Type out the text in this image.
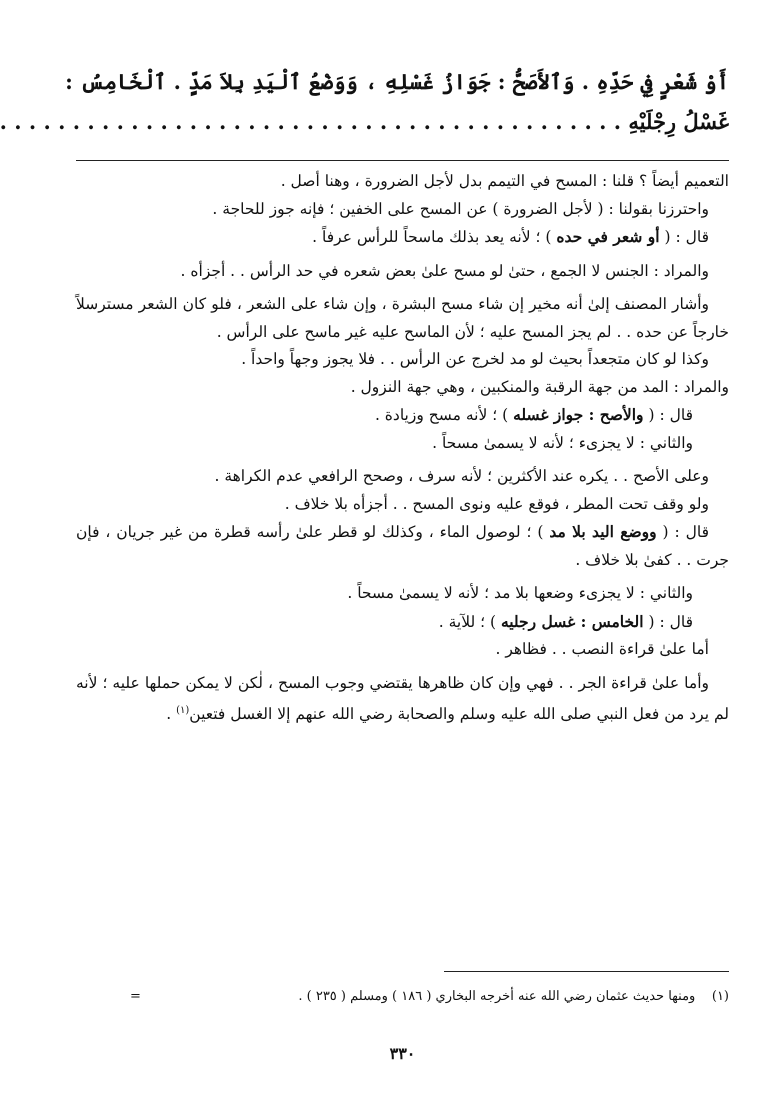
أَوْ شَعْرٍ فِي حَدِّهِ . وَٱلأَصَحُّ : جَوَازُ غَسْلِهِ ، وَوَضْعُ ٱلْيَدِ بِلاَ مَدٍّ . ٱلْخَامِسُ :
غَسْلُ رِجْلَيْهِ . . . . . . . . . . . . . . . . . . . . . . . . . . . . . . . . . . . . . . . . . . .

التعميم أيضاً ؟ قلنا : المسح في التيمم بدل لأجل الضرورة ، وهنا أصل .

واحترزنا بقولنا : ( لأجل الضرورة ) عن المسح على الخفين ؛ فإنه جوز للحاجة .

قال : ( أو شعر في حده ) ؛ لأنه يعد بذلك ماسحاً للرأس عرفاً .

والمراد : الجنس لا الجمع ، حتىٰ لو مسح علىٰ بعض شعره في حد الرأس . . أجزأه .

وأشار المصنف إلىٰ أنه مخير إن شاء مسح البشرة ، وإن شاء على الشعر ، فلو كان الشعر مسترسلاً خارجاً عن حده . . لم يجز المسح عليه ؛ لأن الماسح عليه غير ماسح على الرأس .

وكذا لو كان متجعداً بحيث لو مد لخرج عن الرأس . . فلا يجوز وجهاً واحداً .

والمراد : المد من جهة الرقبة والمنكبين ، وهي جهة النزول .

قال : ( والأصح : جواز غسله ) ؛ لأنه مسح وزيادة .

والثاني : لا يجزىء ؛ لأنه لا يسمىٰ مسحاً .

وعلى الأصح . . يكره عند الأكثرين ؛ لأنه سرف ، وصحح الرافعي عدم الكراهة .

ولو وقف تحت المطر ، فوقع عليه ونوى المسح . . أجزأه بلا خلاف .

قال : ( ووضع اليد بلا مد ) ؛ لوصول الماء ، وكذلك لو قطر علىٰ رأسه قطرة من غير جريان ، فإن جرت . . كفىٰ بلا خلاف .

والثاني : لا يجزىء وضعها بلا مد ؛ لأنه لا يسمىٰ مسحاً .

قال : ( الخامس : غسل رجليه ) ؛ للآية .

أما علىٰ قراءة النصب . . فظاهر .

وأما علىٰ قراءة الجر . . فهي وإن كان ظاهرها يقتضي وجوب المسح ، لٰكن لا يمكن حملها عليه ؛ لأنه لم يرد من فعل النبي صلى الله عليه وسلم والصحابة رضي الله عنهم إلا الغسل فتعين$^{(١)}$ .

(١)    ومنها حديث عثمان رضي الله عنه أخرجه البخاري ( ١٨٦ ) ومسلم ( ٢٣٥ ) .
=
٣٣٠
